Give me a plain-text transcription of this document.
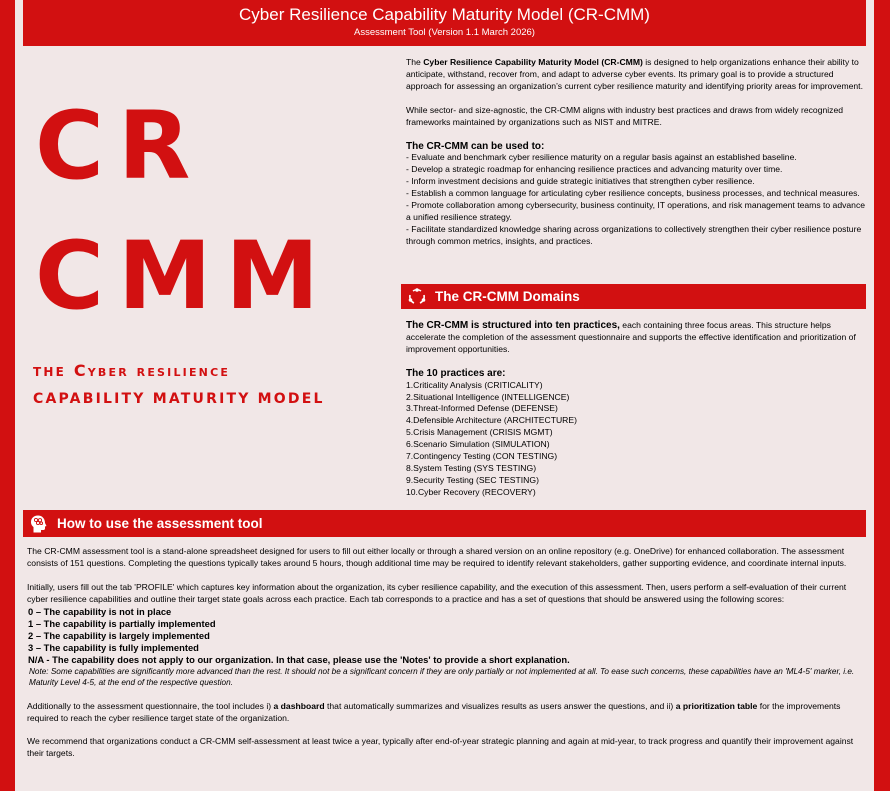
Cyber Resilience Capability Maturity Model (CR-CMM)
Assessment Tool (Version 1.1 March 2026)
CR
CMM
THE Cyber resilience
CAPABILITY MATURITY MODEL

The Cyber Resilience Capability Maturity Model (CR-CMM) is designed to help organizations enhance their ability to anticipate, withstand, recover from, and adapt to adverse cyber events. Its primary goal is to provide a structured approach for assessing an organization’s current cyber resilience maturity and identifying priority areas for improvement.

While sector- and size-agnostic, the CR-CMM aligns with industry best practices and draws from widely recognized frameworks maintained by organizations such as NIST and MITRE.

The CR-CMM can be used to:

- Evaluate and benchmark cyber resilience maturity on a regular basis against an established baseline.

- Develop a strategic roadmap for enhancing resilience practices and advancing maturity over time.

- Inform investment decisions and guide strategic initiatives that strengthen cyber resilience.

- Establish a common language for articulating cyber resilience concepts, business processes, and technical measures.

- Promote collaboration among cybersecurity, business continuity, IT operations, and risk management teams to advance a unified resilience strategy.

- Facilitate standardized knowledge sharing across organizations to collectively strengthen their cyber resilience posture through common metrics, insights, and practices.

The CR-CMM Domains

The CR-CMM is structured into ten practices, each containing three focus areas. This structure helps accelerate the completion of the assessment questionnaire and supports the effective identification and prioritization of improvement opportunities.

The 10 practices are:

1.Criticality Analysis (CRITICALITY)

2.Situational Intelligence (INTELLIGENCE)

3.Threat-Informed Defense (DEFENSE)

4.Defensible Architecture (ARCHITECTURE)

5.Crisis Management (CRISIS MGMT)

6.Scenario Simulation (SIMULATION)

7.Contingency Testing (CON TESTING)

8.System Testing (SYS TESTING)

9.Security Testing (SEC TESTING)

10.Cyber Recovery (RECOVERY)

How to use the assessment tool

The CR-CMM assessment tool is a stand-alone spreadsheet designed for users to fill out either locally or through a shared version on an online repository (e.g. OneDrive) for enhanced collaboration. The assessment consists of 151 questions. Completing the questions typically takes around 5 hours, though additional time may be required to identify relevant stakeholders, gather supporting evidence, and coordinate internal inputs.

Initially, users fill out the tab 'PROFILE' which captures key information about the organization, its cyber resilience capability, and the execution of this assessment. Then, users perform a self-evaluation of their current cyber resilience capabilities and outline their target state goals across each practice. Each tab corresponds to a practice and has a set of questions that should be answered using the following scores:

0 – The capability is not in place

1 – The capability is partially implemented

2 – The capability is largely implemented

3 – The capability is fully implemented

N/A - The capability does not apply to our organization. In that case, please use the 'Notes' to provide a short explanation.

Note: Some capabilities are significantly more advanced than the rest. It should not be a significant concern if they are only partially or not implemented at all. To ease such concerns, these capabilities have an 'ML4-5' marker, i.e. Maturity Level 4-5, at the end of the respective question.

Additionally to the assessment questionnaire, the tool includes i) a dashboard that automatically summarizes and visualizes results as users answer the questions, and ii) a prioritization table for the improvements required to reach the cyber resilience target state of the organization.

We recommend that organizations conduct a CR-CMM self-assessment at least twice a year, typically after end-of-year strategic planning and again at mid-year, to track progress and quantify their improvement against their targets.
